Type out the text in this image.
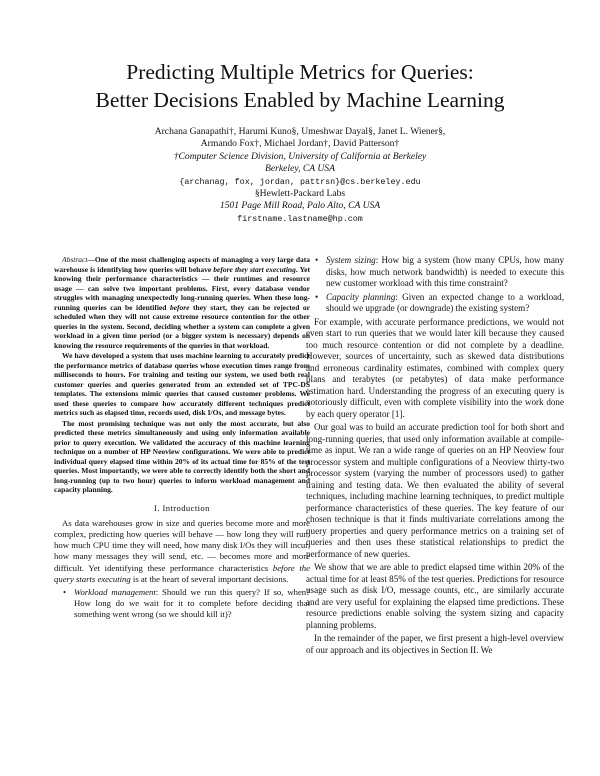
Predicting Multiple Metrics for Queries:
Better Decisions Enabled by Machine Learning
Archana Ganapathi†, Harumi Kuno§, Umeshwar Dayal§, Janet L. Wiener§,
Armando Fox†, Michael Jordan†, David Patterson†
†Computer Science Division, University of California at Berkeley
Berkeley, CA USA
{archanag, fox, jordan, pattrsn}@cs.berkeley.edu
§Hewlett-Packard Labs
1501 Page Mill Road, Palo Alto, CA USA
firstname.lastname@hp.com

Abstract—One of the most challenging aspects of managing a very large data warehouse is identifying how queries will behave before they start executing. Yet knowing their performance characteristics — their runtimes and resource usage — can solve two important problems. First, every database vendor struggles with managing unexpectedly long-running queries. When these long-running queries can be identified before they start, they can be rejected or scheduled when they will not cause extreme resource contention for the other queries in the system. Second, deciding whether a system can complete a given workload in a given time period (or a bigger system is necessary) depends on knowing the resource requirements of the queries in that workload.

We have developed a system that uses machine learning to accurately predict the performance metrics of database queries whose execution times range from milliseconds to hours. For training and testing our system, we used both real customer queries and queries generated from an extended set of TPC-DS templates. The extensions mimic queries that caused customer problems. We used these queries to compare how accurately different techniques predict metrics such as elapsed time, records used, disk I/Os, and message bytes.

The most promising technique was not only the most accurate, but also predicted these metrics simultaneously and using only information available prior to query execution. We validated the accuracy of this machine learning technique on a number of HP Neoview configurations. We were able to predict individual query elapsed time within 20% of its actual time for 85% of the test queries. Most importantly, we were able to correctly identify both the short and long-running (up to two hour) queries to inform workload management and capacity planning.

I. Introduction

As data warehouses grow in size and queries become more and more complex, predicting how queries will behave — how long they will run, how much CPU time they will need, how many disk I/Os they will incur, how many messages they will send, etc. — becomes more and more difficult. Yet identifying these performance characteristics before the query starts executing is at the heart of several important decisions.

• Workload management: Should we run this query? If so, when? How long do we wait for it to complete before deciding that something went wrong (so we should kill it)?
• System sizing: How big a system (how many CPUs, how many disks, how much network bandwidth) is needed to execute this new customer workload with this time constraint?
• Capacity planning: Given an expected change to a workload, should we upgrade (or downgrade) the existing system?

For example, with accurate performance predictions, we would not even start to run queries that we would later kill because they caused too much resource contention or did not complete by a deadline. However, sources of uncertainty, such as skewed data distributions and erroneous cardinality estimates, combined with complex query plans and terabytes (or petabytes) of data make performance estimation hard. Understanding the progress of an executing query is notoriously difficult, even with complete visibility into the work done by each query operator [1].

Our goal was to build an accurate prediction tool for both short and long-running queries, that used only information available at compile-time as input. We ran a wide range of queries on an HP Neoview four processor system and multiple configurations of a Neoview thirty-two processor system (varying the number of processors used) to gather training and testing data. We then evaluated the ability of several techniques, including machine learning techniques, to predict multiple performance characteristics of these queries. The key feature of our chosen technique is that it finds multivariate correlations among the query properties and query performance metrics on a training set of queries and then uses these statistical relationships to predict the performance of new queries.

We show that we are able to predict elapsed time within 20% of the actual time for at least 85% of the test queries. Predictions for resource usage such as disk I/O, message counts, etc., are similarly accurate and are very useful for explaining the elapsed time predictions. These resource predictions enable solving the system sizing and capacity planning problems.

In the remainder of the paper, we first present a high-level overview of our approach and its objectives in Section II. We
